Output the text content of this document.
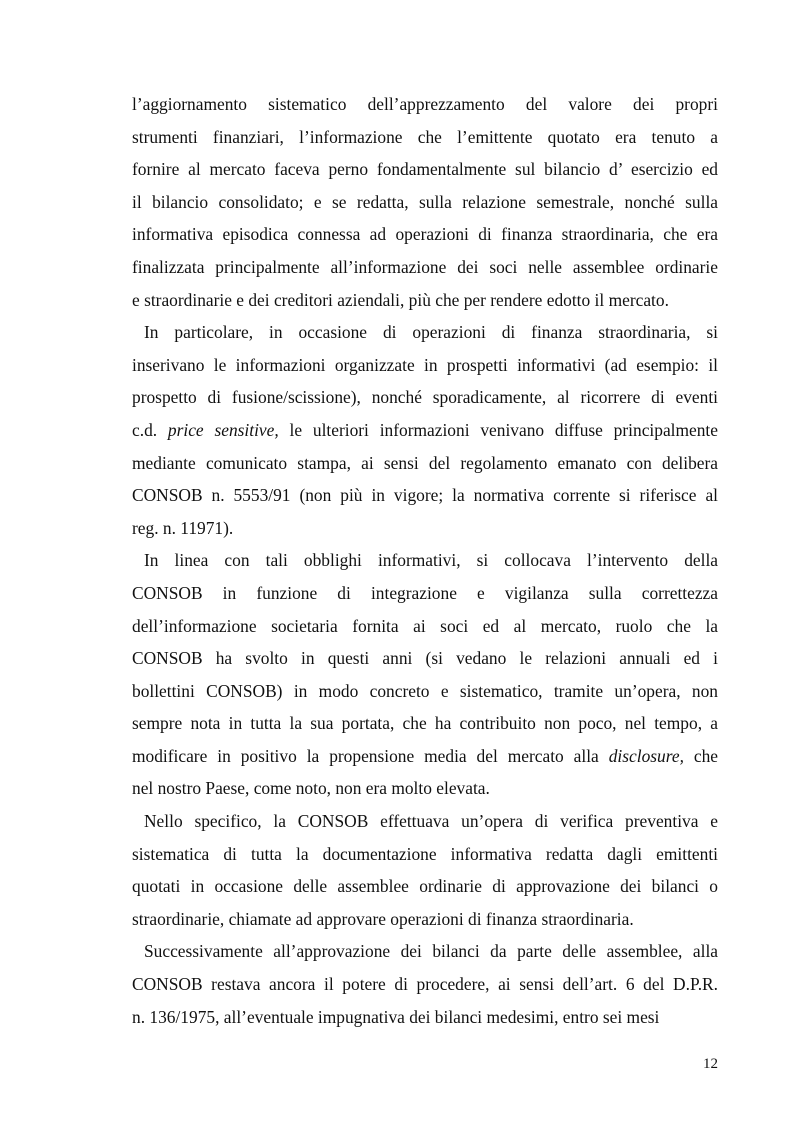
l’aggiornamento sistematico dell’apprezzamento del valore dei propri
strumenti finanziari, l’informazione che l’emittente quotato era tenuto a
fornire al mercato faceva perno fondamentalmente sul bilancio d’ esercizio ed
il bilancio consolidato; e se redatta, sulla relazione semestrale, nonché sulla
informativa episodica connessa ad operazioni di finanza straordinaria, che era
finalizzata principalmente all’informazione dei soci nelle assemblee ordinarie
e straordinarie e dei creditori aziendali, più che per rendere edotto il mercato.
In particolare, in occasione di operazioni di finanza straordinaria, si
inserivano le informazioni organizzate in prospetti informativi (ad esempio: il
prospetto di fusione/scissione), nonché sporadicamente, al ricorrere di eventi
c.d. price sensitive, le ulteriori informazioni venivano diffuse principalmente
mediante comunicato stampa, ai sensi del regolamento emanato con delibera
CONSOB n. 5553/91 (non più in vigore; la normativa corrente si riferisce al
reg. n. 11971).
In linea con tali obblighi informativi, si collocava l’intervento della
CONSOB in funzione di integrazione e vigilanza sulla correttezza
dell’informazione societaria fornita ai soci ed al mercato, ruolo che la
CONSOB ha svolto in questi anni (si vedano le relazioni annuali ed i
bollettini CONSOB) in modo concreto e sistematico, tramite un’opera, non
sempre nota in tutta la sua portata, che ha contribuito non poco, nel tempo, a
modificare in positivo la propensione media del mercato alla disclosure, che
nel nostro Paese, come noto, non era molto elevata.
Nello specifico, la CONSOB effettuava un’opera di verifica preventiva e
sistematica di tutta la documentazione informativa redatta dagli emittenti
quotati in occasione delle assemblee ordinarie di approvazione dei bilanci o
straordinarie, chiamate ad approvare operazioni di finanza straordinaria.
Successivamente all’approvazione dei bilanci da parte delle assemblee, alla
CONSOB restava ancora il potere di procedere, ai sensi dell’art. 6 del D.P.R.
n. 136/1975, all’eventuale impugnativa dei bilanci medesimi, entro sei mesi
12
